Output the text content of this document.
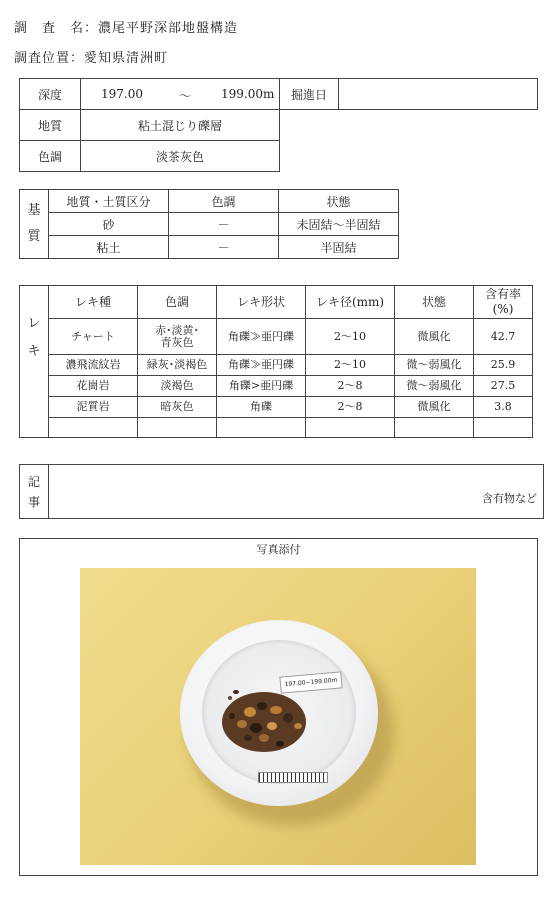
調　査　名：濃尾平野深部地盤構造
調査位置：愛知県清洲町
深度	197.00 ～ 199.00m	掘進日	
地質	粘土混じり礫層		
色調	淡茶灰色		
基
質	地質・土質区分	色調	状態
	砂	－	未固結～半固結
	粘土	－	半固結
レ
キ	レキ種	色調	レキ形状	レキ径(mm)	状態	含有率
(%)
	チャート	赤･淡黄･
青灰色	角礫≫亜円礫	2～10	微風化	42.7
	濃飛流紋岩	緑灰･淡褐色	角礫≫亜円礫	2～10	微～弱風化	25.9
	花崗岩	淡褐色	角礫>亜円礫	2～8	微～弱風化	27.5
	泥質岩	暗灰色	角礫	2～8	微風化	3.8

記
事	含有物など
写真添付
197.00~199.00m
